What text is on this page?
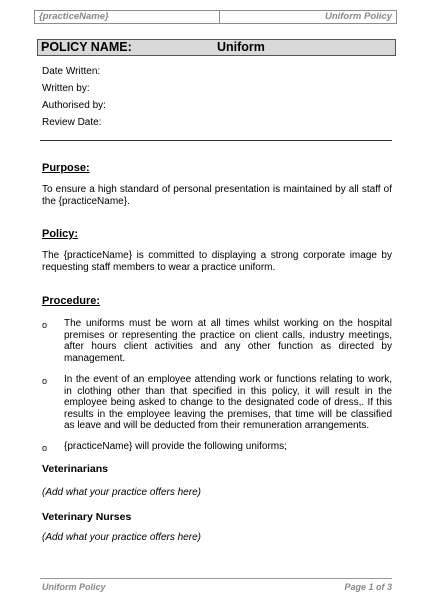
{practiceName}	Uniform Policy
POLICY NAME:	Uniform
Date Written:
Written by:
Authorised by:
Review Date:
Purpose:

To ensure a high standard of personal presentation is maintained by all staff of the {practiceName}.

Policy:

The {practiceName} is committed to displaying a strong corporate image by requesting staff members to wear a practice uniform.

Procedure:
o The uniforms must be worn at all times whilst working on the hospital premises or representing the practice on client calls, industry meetings, after hours client activities and any other function as directed by management.

o In the event of an employee attending work or functions relating to work, in clothing other than that specified in this policy, it will result in the employee being asked to change to the designated code of dress,. If this results in the employee leaving the premises, that time will be classified as leave and will be deducted from their remuneration arrangements.

o {practiceName} will provide the following uniforms;

Veterinarians
(Add what your practice offers here)
Veterinary Nurses
(Add what your practice offers here)
Uniform Policy	Page 1 of 3
